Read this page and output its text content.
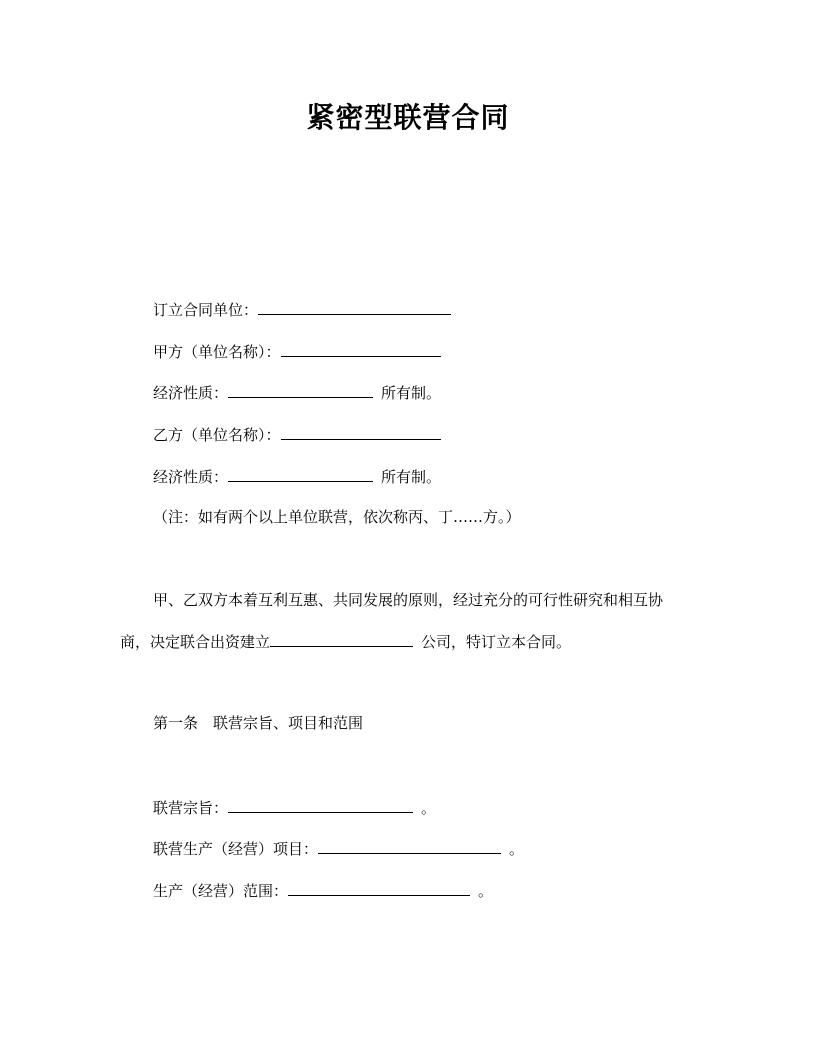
紧密型联营合同
订立合同单位：
甲方（单位名称）：
经济性质：	所有制。
乙方（单位名称）：
经济性质：	所有制。
（注：如有两个以上单位联营，依次称丙、丁……方。）
甲、乙双方本着互利互惠、共同发展的原则，经过充分的可行性研究和相互协
商，决定联合出资建立	公司，特订立本合同。
第一条　联营宗旨、项目和范围
联营宗旨：	。
联营生产（经营）项目：	。
生产（经营）范围：	。
